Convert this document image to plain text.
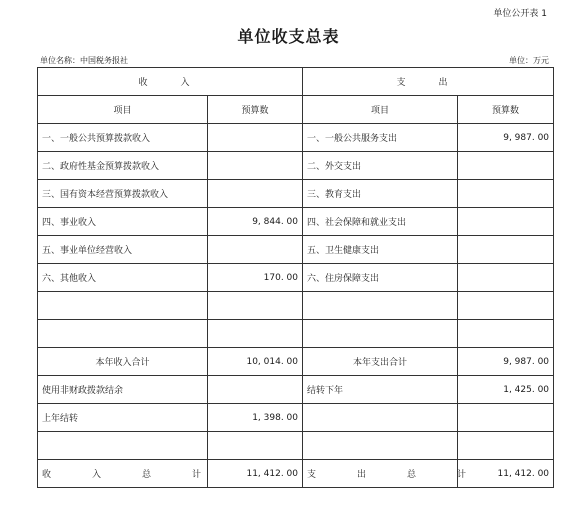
单位公开表 1
单位收支总表
单位名称：中国税务报社	单位：万元
收　入		支　出	
项目	预算数	项目	预算数
一、一般公共预算拨款收入		一、一般公共服务支出	9, 987. 00
二、政府性基金预算拨款收入		二、外交支出	
三、国有资本经营预算拨款收入		三、教育支出	
四、事业收入	9, 844. 00	四、社会保障和就业支出	
五、事业单位经营收入		五、卫生健康支出	
六、其他收入	170. 00	六、住房保障支出	

本年收入合计	10, 014. 00	本年支出合计	9, 987. 00
使用非财政拨款结余		结转下年	1, 425. 00
上年结转	1, 398. 00		

收　入　总　计	11, 412. 00	支　出　总　计	11, 412. 00
